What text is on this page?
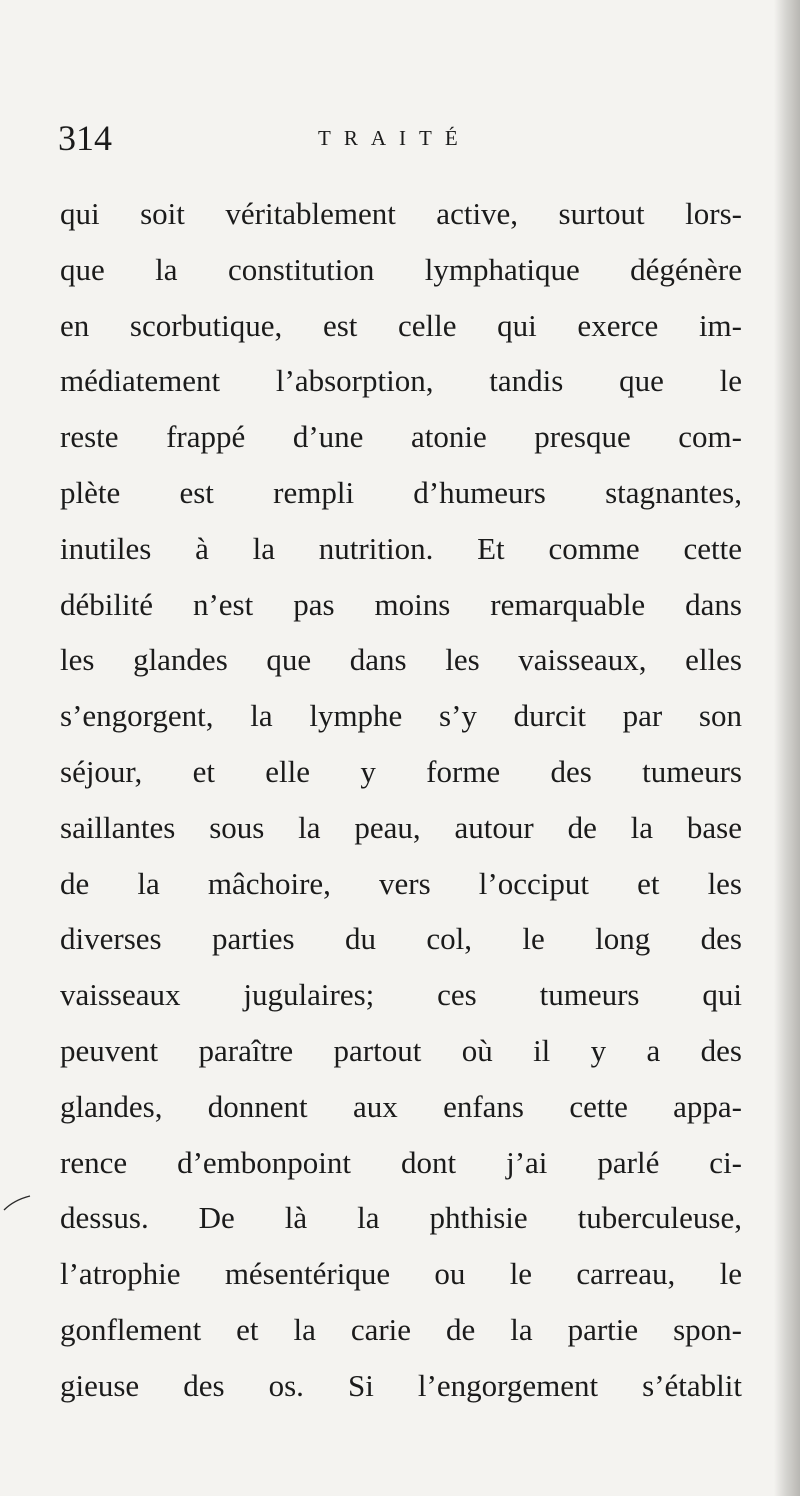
314	TRAITÉ
qui soit véritablement active, surtout lors-
que la constitution lymphatique dégénère
en scorbutique, est celle qui exerce im-
médiatement l’absorption, tandis que le
reste frappé d’une atonie presque com-
plète est rempli d’humeurs stagnantes,
inutiles à la nutrition. Et comme cette
débilité n’est pas moins remarquable dans
les glandes que dans les vaisseaux, elles
s’engorgent, la lymphe s’y durcit par son
séjour, et elle y forme des tumeurs
saillantes sous la peau, autour de la base
de la mâchoire, vers l’occiput et les
diverses parties du col, le long des
vaisseaux jugulaires; ces tumeurs qui
peuvent paraître partout où il y a des
glandes, donnent aux enfans cette appa-
rence d’embonpoint dont j’ai parlé ci-
dessus. De là la phthisie tuberculeuse,
l’atrophie mésentérique ou le carreau, le
gonflement et la carie de la partie spon-
gieuse des os. Si l’engorgement s’établit
